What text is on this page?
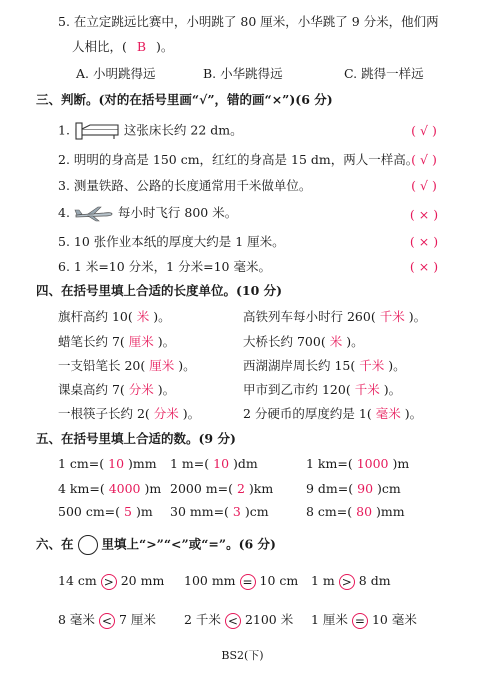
5. 在立定跳远比赛中，小明跳了 80 厘米，小华跳了 9 分米，他们两
人相比，( B )。
A. 小明跳得远	B. 小华跳得远	C. 跳得一样远
三、判断。(对的在括号里画“√”，错的画“×”)(6 分)
1.	这张床长约 22 dm。	( √ )
2. 明明的身高是 150 cm，红红的身高是 15 dm，两人一样高。
( √ )
3. 测量铁路、公路的长度通常用千米做单位。	( √ )
4.	每小时飞行 800 米。	( × )
5. 10 张作业本纸的厚度大约是 1 厘米。	( × )
6. 1 米=10 分米，1 分米=10 毫米。	( × )
四、在括号里填上合适的长度单位。(10 分)
旗杆高约 10( 米 )。	高铁列车每小时行 260( 千米 )。
蜡笔长约 7( 厘米 )。	大桥长约 700( 米 )。
一支铅笔长 20( 厘米 )。	西湖湖岸周长约 15( 千米 )。
课桌高约 7( 分米 )。	甲市到乙市约 120( 千米 )。
一根筷子长约 2( 分米 )。	2 分硬币的厚度约是 1( 毫米 )。
五、在括号里填上合适的数。(9 分)
1 cm=( 10 )mm 1 m=( 10 )dm	1 km=( 1000 )m
4 km=( 4000 )m 2000 m=( 2 )km	9 dm=( 90 )cm
500 cm=( 5 )m 30 mm=( 3 )cm	8 cm=( 80 )mm
六、在 里填上“>”“<”或“=”。(6 分)
14 cm > 20 mm 100 mm = 10 cm 1 m > 8 dm
8 毫米 < 7 厘米 2 千米 < 2100 米 1 厘米 = 10 毫米
BS2(下)
